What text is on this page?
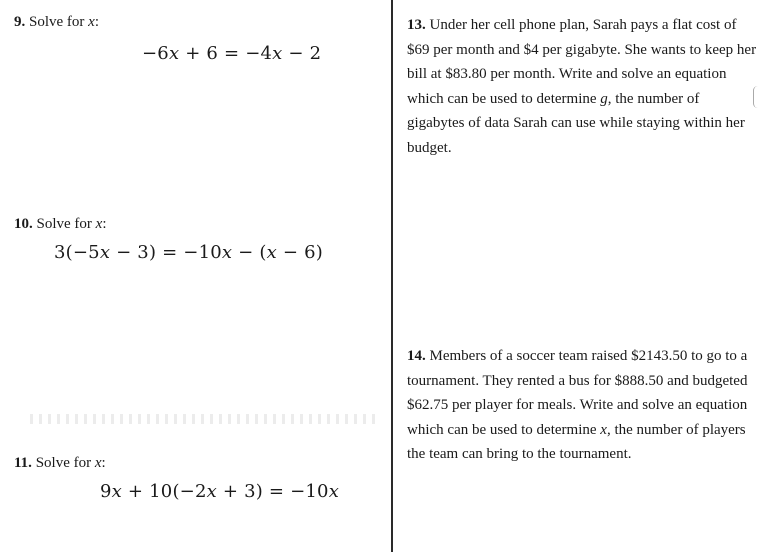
9. Solve for x:
−6x + 6 = −4x − 2
10. Solve for x:
3(−5x − 3) = −10x − (x − 6)
11. Solve for x:
9x + 10(−2x + 3) = −10x
13. Under her cell phone plan, Sarah pays a flat cost of $69 per month and $4 per gigabyte. She wants to keep her bill at $83.80 per month. Write and solve an equation which can be used to determine g, the number of gigabytes of data Sarah can use while staying within her budget.
14. Members of a soccer team raised $2143.50 to go to a tournament. They rented a bus for $888.50 and budgeted $62.75 per player for meals. Write and solve an equation which can be used to determine x, the number of players the team can bring to the tournament.
